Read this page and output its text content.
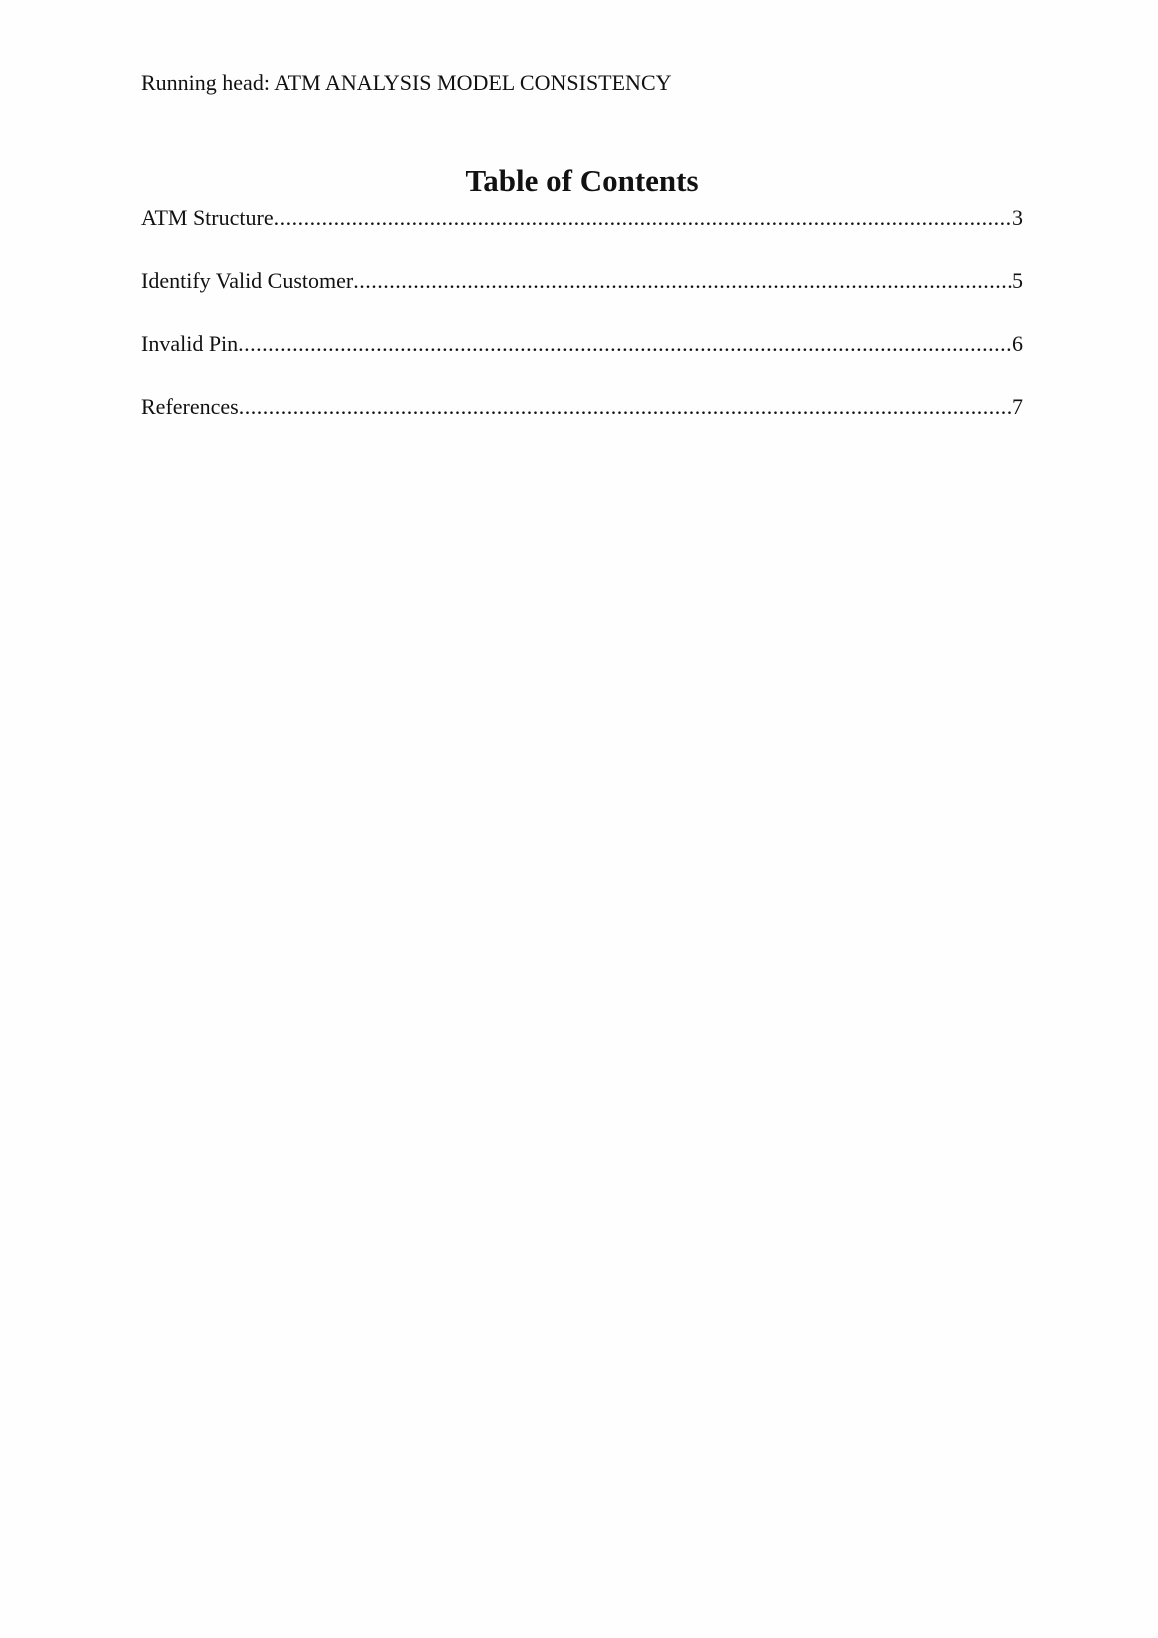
Running head: ATM ANALYSIS MODEL CONSISTENCY
Table of Contents
ATM Structure .....	3
Identify Valid Customer .....	5
Invalid Pin .....	6
References .....	7
